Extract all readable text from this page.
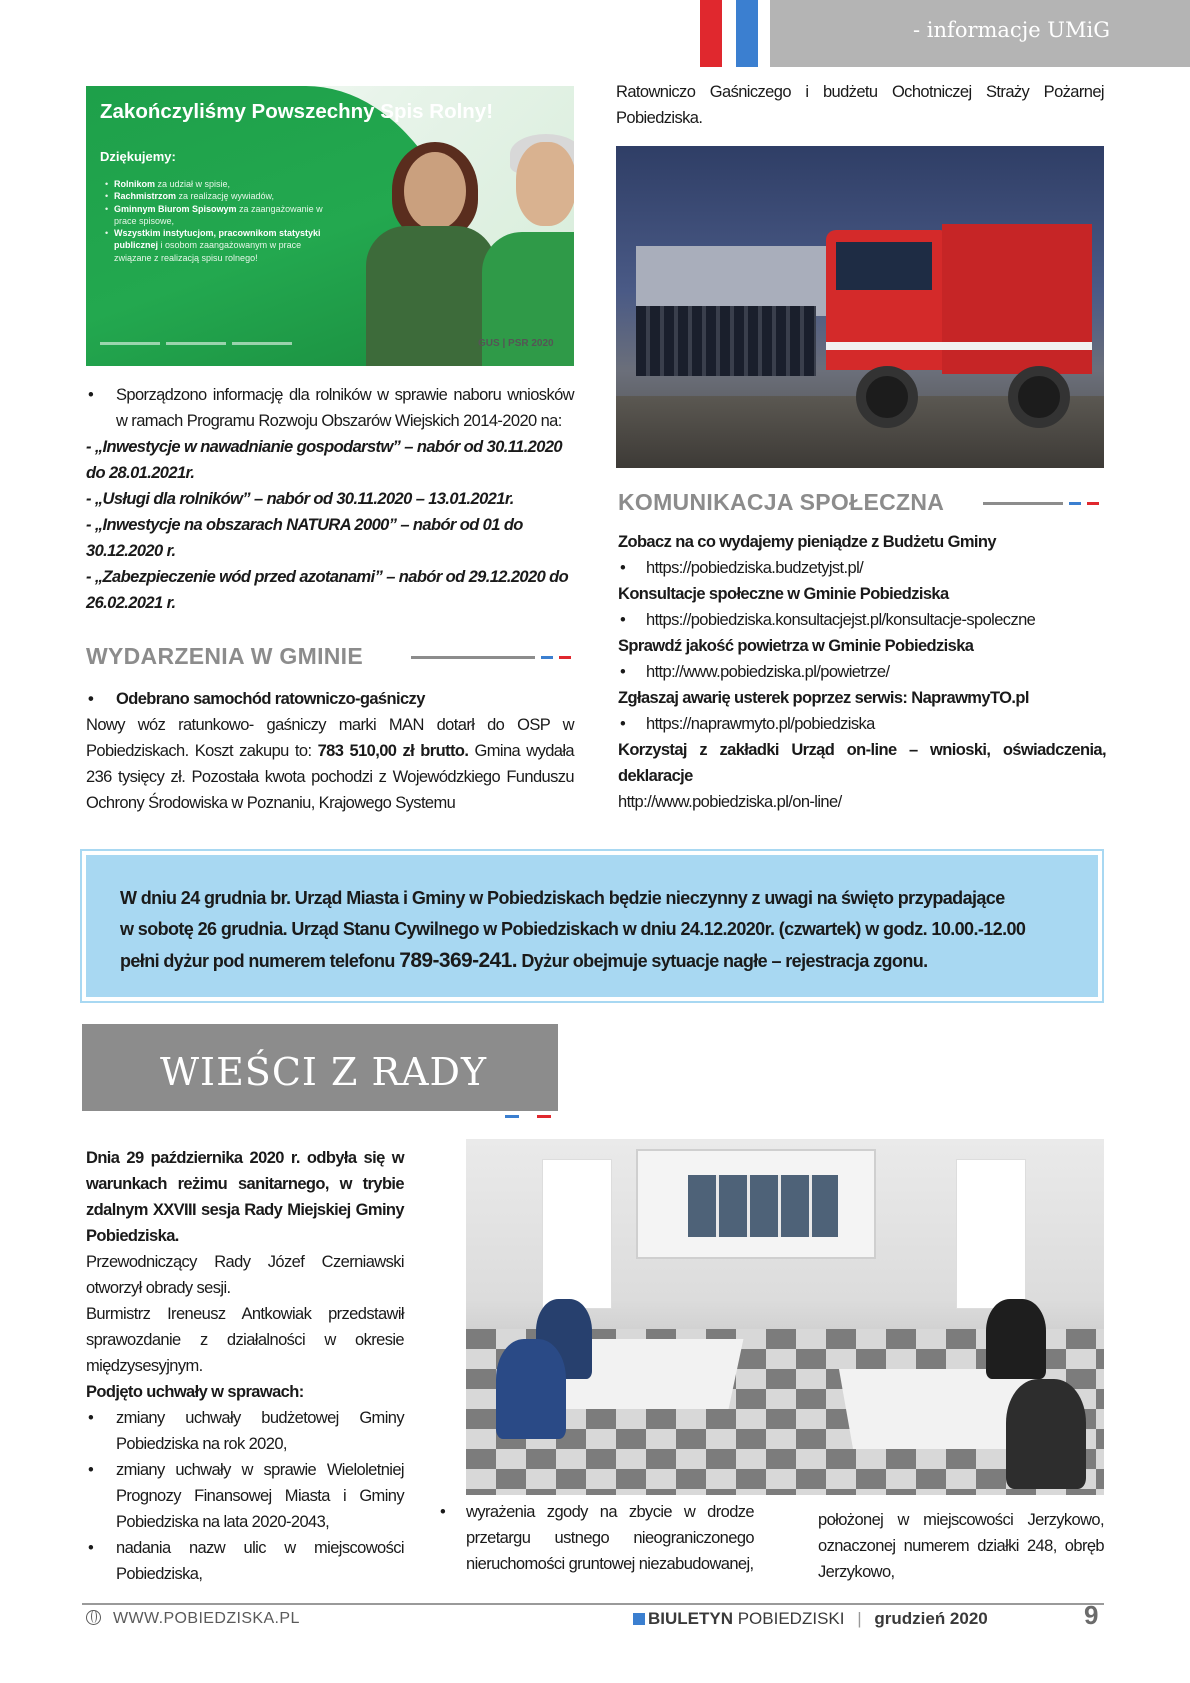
- informacje UMiG
Zakończyliśmy Powszechny Spis Rolny!
Dziękujemy:
• Rolnikom za udział w spisie,
• Rachmistrzom za realizację wywiadów,
• Gminnym Biurom Spisowym za zaangażowanie w prace spisowe,
• Wszystkim instytucjom, pracownikom statystyki publicznej i osobom zaangażowanym w prace związane z realizacją spisu rolnego!
GUS | PSR 2020
• Sporządzono informację dla rolników w sprawie naboru wniosków w ramach Programu Rozwoju Obszarów Wiejskich 2014-2020 na:
- „Inwestycje w nawadnianie gospodarstw” – nabór od 30.11.2020 do 28.01.2021r.
- „Usługi dla rolników” – nabór od 30.11.2020 – 13.01.2021r.
- „Inwestycje na obszarach NATURA 2000” – nabór od 01 do 30.12.2020 r.
- „Zabezpieczenie wód przed azotanami” – nabór od 29.12.2020 do 26.02.2021 r.
WYDARZENIA W GMINIE
• Odebrano samochód ratowniczo-gaśniczy
Nowy wóz ratunkowo- gaśniczy marki MAN dotarł do OSP w Pobiedziskach. Koszt zakupu to: 783 510,00 zł brutto. Gmina wydała 236 tysięcy zł. Pozostała kwota pochodzi z Wojewódzkiego Funduszu Ochrony Środowiska w Poznaniu, Krajowego Systemu
Ratowniczo Gaśniczego i budżetu Ochotniczej Straży Pożarnej Pobiedziska.
KOMUNIKACJA SPOŁECZNA
Zobacz na co wydajemy pieniądze z Budżetu Gminy
• https://pobiedziska.budzetyjst.pl/
Konsultacje społeczne w Gminie Pobiedziska
• https://pobiedziska.konsultacjejst.pl/konsultacje-spoleczne
Sprawdź jakość powietrza w Gminie Pobiedziska
• http://www.pobiedziska.pl/powietrze/
Zgłaszaj awarię usterek poprzez serwis: NaprawmyTO.pl
• https://naprawmyto.pl/pobiedziska
Korzystaj z zakładki Urząd on-line – wnioski, oświadczenia, deklaracje
http://www.pobiedziska.pl/on-line/
W dniu 24 grudnia br. Urząd Miasta i Gminy w Pobiedziskach będzie nieczynny z uwagi na święto przypadające
w sobotę 26 grudnia. Urząd Stanu Cywilnego w Pobiedziskach w dniu 24.12.2020r. (czwartek) w godz. 10.00.-12.00
pełni dyżur pod numerem telefonu 789-369-241. Dyżur obejmuje sytuacje nagłe – rejestracja zgonu.
WIEŚCI Z RADY
Dnia 29 października 2020 r. odbyła się w warunkach reżimu sanitarnego, w trybie zdalnym XXVIII sesja Rady Miejskiej Gminy Pobiedziska.
Przewodniczący Rady Józef Czerniawski otworzył obrady sesji.
Burmistrz Ireneusz Antkowiak przedstawił sprawozdanie z działalności w okresie międzysesyjnym.
Podjęto uchwały w sprawach:
• zmiany uchwały budżetowej Gminy Pobiedziska na rok 2020,
• zmiany uchwały w sprawie Wieloletniej Prognozy Finansowej Miasta i Gminy Pobiedziska na lata 2020-2043,
• nadania nazw ulic w miejscowości Pobiedziska,
• wyrażenia zgody na zbycie w drodze przetargu ustnego nieograniczonego nieruchomości gruntowej niezabudowanej,
położonej w miejscowości Jerzykowo, oznaczonej numerem działki 248, obręb Jerzykowo,
WWW.POBIEDZISKA.PL	BIULETYN POBIEDZISKI | grudzień 2020	9
